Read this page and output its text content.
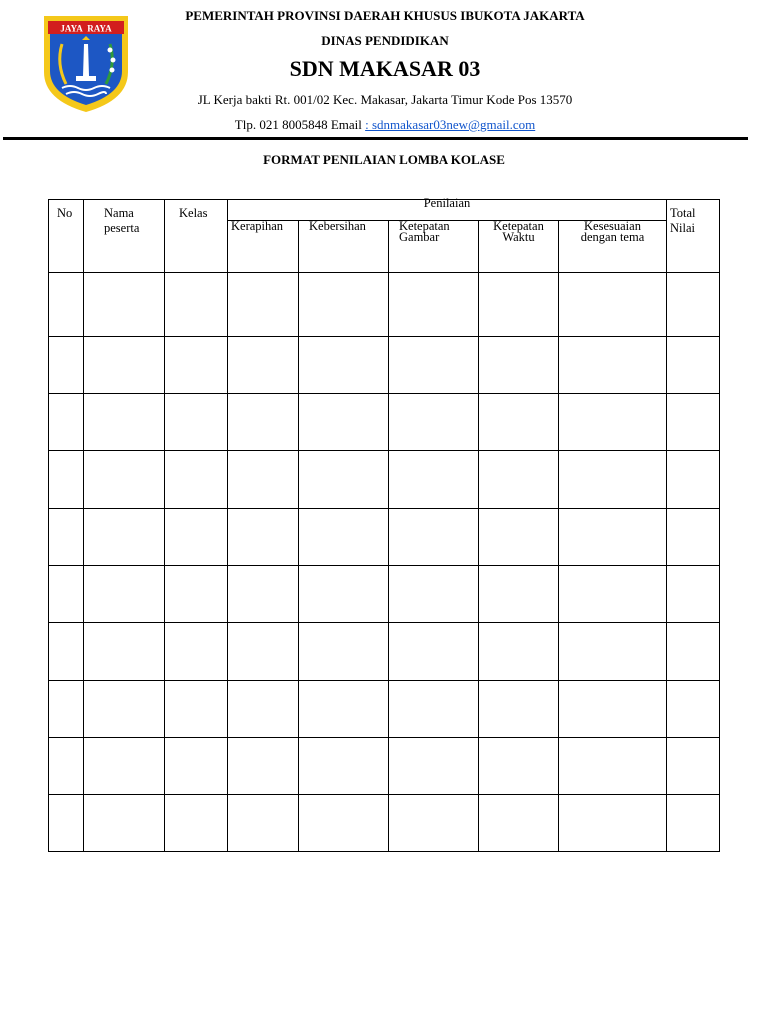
JAYA  RAYA
PEMERINTAH PROVINSI DAERAH KHUSUS IBUKOTA JAKARTA
DINAS PENDIDIKAN
SDN MAKASAR 03
JL Kerja bakti Rt. 001/02 Kec. Makasar, Jakarta Timur Kode Pos 13570
Tlp. 021 8005848 Email : sdnmakasar03new@gmail.com
FORMAT PENILAIAN LOMBA KOLASE
No	Nama
peserta
Kelas
Penilaian
Kerapihan Kebersihan	Ketepatan
Gambar
Ketepatan
Waktu
Kesesuaian
dengan tema
Total
Nilai
